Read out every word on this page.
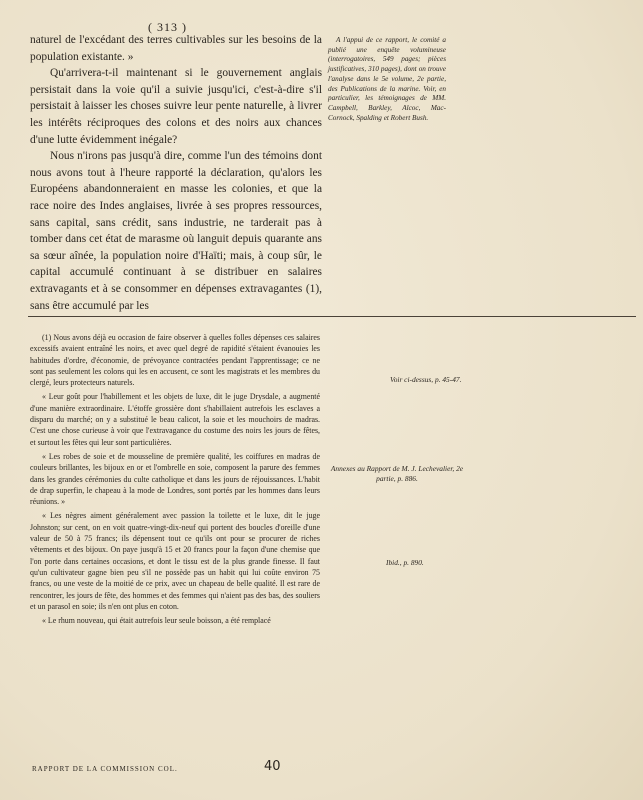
( 313 )

naturel de l'excédant des terres cultivables sur les besoins de la population existante. »

Qu'arrivera-t-il maintenant si le gouvernement anglais persistait dans la voie qu'il a suivie jusqu'ici, c'est-à-dire s'il persistait à laisser les choses suivre leur pente naturelle, à livrer les intérêts réciproques des colons et des noirs aux chances d'une lutte évidemment inégale?

Nous n'irons pas jusqu'à dire, comme l'un des témoins dont nous avons tout à l'heure rapporté la déclaration, qu'alors les Européens abandonneraient en masse les colonies, et que la race noire des Indes anglaises, livrée à ses propres ressources, sans capital, sans crédit, sans industrie, ne tarderait pas à tomber dans cet état de marasme où languit depuis quarante ans sa sœur aînée, la population noire d'Haïti; mais, à coup sûr, le capital accumulé continuant à se distribuer en salaires extravagants et à se consommer en dépenses extravagantes (1), sans être accumulé par les

A l'appui de ce rapport, le comité a publié une enquête volumineuse (interrogatoires, 549 pages; pièces justificatives, 310 pages), dont on trouve l'analyse dans le 5e volume, 2e partie, des Publications de la marine. Voir, en particulier, les témoignages de MM. Campbell, Barkley, Alcoc, Mac-Cornock, Spalding et Robert Bush.

(1) Nous avons déjà eu occasion de faire observer à quelles folles dépenses ces salaires excessifs avaient entraîné les noirs, et avec quel degré de rapidité s'étaient évanouies les habitudes d'ordre, d'économie, de prévoyance contractées pendant l'apprentissage; ce ne sont pas seulement les colons qui les en accusent, ce sont les magistrats et les membres du clergé, leurs protecteurs naturels.

« Leur goût pour l'habillement et les objets de luxe, dit le juge Drysdale, a augmenté d'une manière extraordinaire. L'étoffe grossière dont s'habillaient autrefois les esclaves a disparu du marché; on y a substitué le beau calicot, la soie et les mouchoirs de madras. C'est une chose curieuse à voir que l'extravagance du costume des noirs les jours de fêtes, et surtout les fêtes qui leur sont particulières.

« Les robes de soie et de mousseline de première qualité, les coiffures en madras de couleurs brillantes, les bijoux en or et l'ombrelle en soie, composent la parure des femmes dans les grandes cérémonies du culte catholique et dans les jours de réjouissances. L'habit de drap superfin, le chapeau à la mode de Londres, sont portés par les hommes dans leurs réunions. »

« Les nègres aiment généralement avec passion la toilette et le luxe, dit le juge Johnston; sur cent, on en voit quatre-vingt-dix-neuf qui portent des boucles d'oreille d'une valeur de 50 à 75 francs; ils dépensent tout ce qu'ils ont pour se procurer de riches vêtements et des bijoux. On paye jusqu'à 15 et 20 francs pour la façon d'une chemise que l'on porte dans certaines occasions, et dont le tissu est de la plus grande finesse. Il faut qu'un cultivateur gagne bien peu s'il ne possède pas un habit qui lui coûte environ 75 francs, ou une veste de la moitié de ce prix, avec un chapeau de belle qualité. Il est rare de rencontrer, les jours de fête, des hommes et des femmes qui n'aient pas des bas, des souliers et un parasol en soie; ils n'en ont plus en coton.

« Le rhum nouveau, qui était autrefois leur seule boisson, a été remplacé

Voir ci-dessus, p. 45-47.
Annexes au Rapport de M. J. Lechevalier, 2e partie, p. 886.
Ibid., p. 890.
RAPPORT DE LA COMMISSION COL.	40
